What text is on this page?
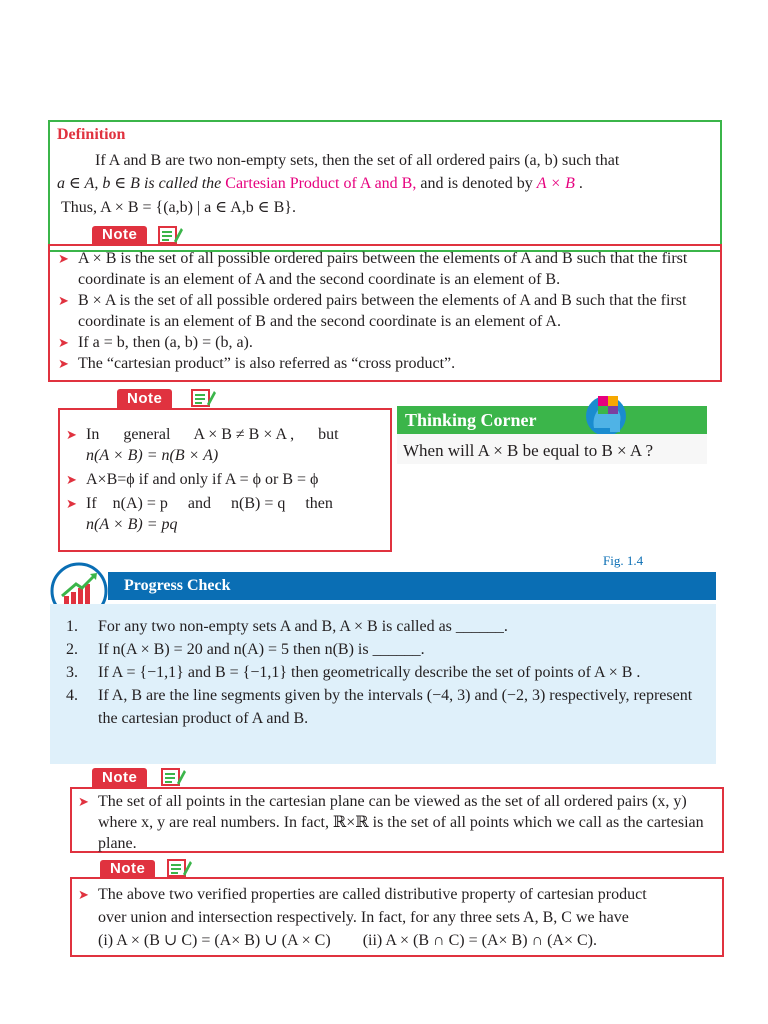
Definition
If A and B are two non-empty sets, then the set of all ordered pairs (a, b) such that
a ∈ A, b ∈ B is called the Cartesian Product of A and B, and is denoted by A × B .
Thus, A × B = {(a,b) | a ∈ A,b ∈ B}.
Note
➤ A × B is the set of all possible ordered pairs between the elements of A and B such that the first coordinate is an element of A and the second coordinate is an element of B.
➤ B × A is the set of all possible ordered pairs between the elements of A and B such that the first coordinate is an element of B and the second coordinate is an element of A.
➤ If a = b, then (a, b) = (b, a).
➤ The “cartesian product” is also referred as “cross product”.
Note
➤ In      general      A × B ≠ B × A ,      but
n(A × B) = n(B × A)
➤ A×B=ϕ if and only if A = ϕ or B = ϕ
➤ If    n(A) = p     and     n(B) = q     then
n(A × B) = pq
Thinking Corner
When will A × B be equal to B × A ?
Fig. 1.4
Progress Check
1. For any two non-empty sets A and B, A × B is called as ______.
2. If n(A × B) = 20 and n(A) = 5 then n(B) is ______.
3. If A = {−1,1} and B = {−1,1} then geometrically describe the set of points of A × B .
4. If A, B are the line segments given by the intervals (−4, 3) and (−2, 3) respectively, represent the cartesian product of A and B.
Note
➤ The set of all points in the cartesian plane can be viewed as the set of all ordered pairs (x, y) where x, y are real numbers. In fact, ℝ×ℝ is the set of all points which we call as the cartesian plane.
Note
➤ The above two verified properties are called distributive property of cartesian product
over union and intersection respectively. In fact, for any three sets A, B, C we have
(i) A × (B ∪ C) = (A× B) ∪ (A × C) (ii) A × (B ∩ C) = (A× B) ∩ (A× C).
